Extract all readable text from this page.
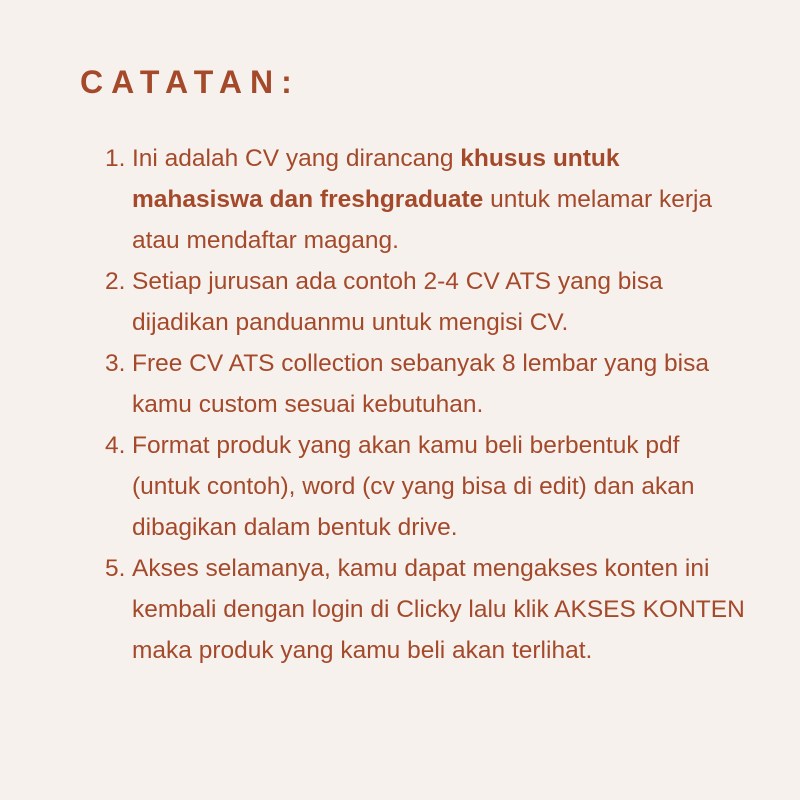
CATATAN:
1. Ini adalah CV yang dirancang khusus untuk mahasiswa dan freshgraduate untuk melamar kerja atau mendaftar magang.
2. Setiap jurusan ada contoh 2-4 CV ATS yang bisa dijadikan panduanmu untuk mengisi CV.
3. Free CV ATS collection sebanyak 8 lembar yang bisa kamu custom sesuai kebutuhan.
4. Format produk yang akan kamu beli berbentuk pdf (untuk contoh), word (cv yang bisa di edit) dan akan dibagikan dalam bentuk drive.
5. Akses selamanya, kamu dapat mengakses konten ini kembali dengan login di Clicky lalu klik AKSES KONTEN maka produk yang kamu beli akan terlihat.
